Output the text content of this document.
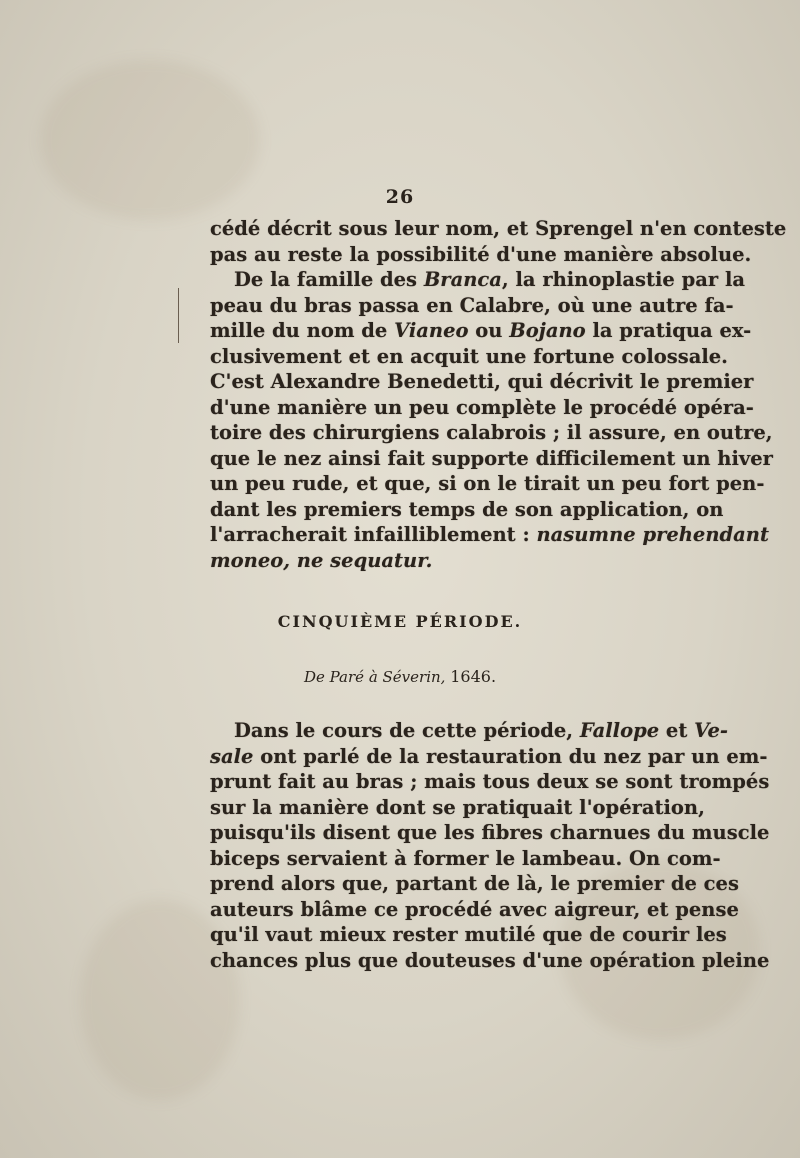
26
cédé décrit sous leur nom, et Sprengel n'en conteste
pas au reste la possibilité d'une manière absolue.
De la famille des Branca, la rhinoplastie par la
peau du bras passa en Calabre, où une autre fa-
mille du nom de Vianeo ou Bojano la pratiqua ex-
clusivement et en acquit une fortune colossale.
C'est Alexandre Benedetti, qui décrivit le premier
d'une manière un peu complète le procédé opéra-
toire des chirurgiens calabrois ; il assure, en outre,
que le nez ainsi fait supporte difficilement un hiver
un peu rude, et que, si on le tirait un peu fort pen-
dant les premiers temps de son application, on
l'arracherait infailliblement : nasumne prehendant
moneo, ne sequatur.
CINQUIÈME PÉRIODE.
De Paré à Séverin, 1646.
Dans le cours de cette période, Fallope et Ve-
sale ont parlé de la restauration du nez par un em-
prunt fait au bras ; mais tous deux se sont trompés
sur la manière dont se pratiquait l'opération,
puisqu'ils disent que les fibres charnues du muscle
biceps servaient à former le lambeau. On com-
prend alors que, partant de là, le premier de ces
auteurs blâme ce procédé avec aigreur, et pense
qu'il vaut mieux rester mutilé que de courir les
chances plus que douteuses d'une opération pleine
